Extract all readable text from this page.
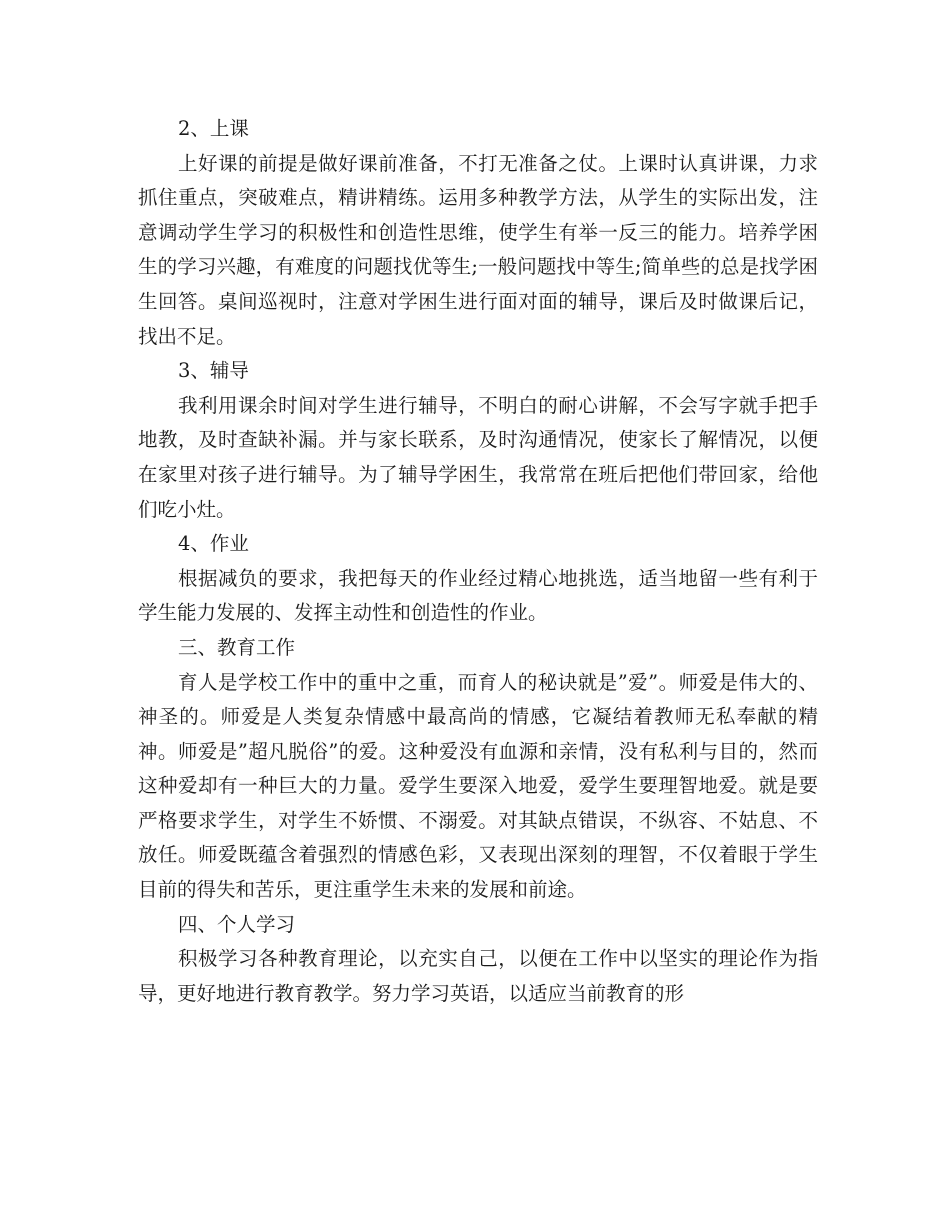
2、上课

上好课的前提是做好课前准备，不打无准备之仗。上课时认真讲课，力求抓住重点，突破难点，精讲精练。运用多种教学方法，从学生的实际出发，注意调动学生学习的积极性和创造性思维，使学生有举一反三的能力。培养学困生的学习兴趣，有难度的问题找优等生;一般问题找中等生;简单些的总是找学困生回答。桌间巡视时，注意对学困生进行面对面的辅导，课后及时做课后记，找出不足。

3、辅导

我利用课余时间对学生进行辅导，不明白的耐心讲解，不会写字就手把手地教，及时查缺补漏。并与家长联系，及时沟通情况，使家长了解情况，以便在家里对孩子进行辅导。为了辅导学困生，我常常在班后把他们带回家，给他们吃小灶。

4、作业

根据减负的要求，我把每天的作业经过精心地挑选，适当地留一些有利于学生能力发展的、发挥主动性和创造性的作业。

三、教育工作

育人是学校工作中的重中之重，而育人的秘诀就是”爱”。师爱是伟大的、神圣的。师爱是人类复杂情感中最高尚的情感，它凝结着教师无私奉献的精神。师爱是”超凡脱俗”的爱。这种爱没有血源和亲情，没有私利与目的，然而这种爱却有一种巨大的力量。爱学生要深入地爱，爱学生要理智地爱。就是要严格要求学生，对学生不娇惯、不溺爱。对其缺点错误，不纵容、不姑息、不放任。师爱既蕴含着强烈的情感色彩，又表现出深刻的理智，不仅着眼于学生目前的得失和苦乐，更注重学生未来的发展和前途。

四、个人学习

积极学习各种教育理论，以充实自己，以便在工作中以坚实的理论作为指导，更好地进行教育教学。努力学习英语，以适应当前教育的形
